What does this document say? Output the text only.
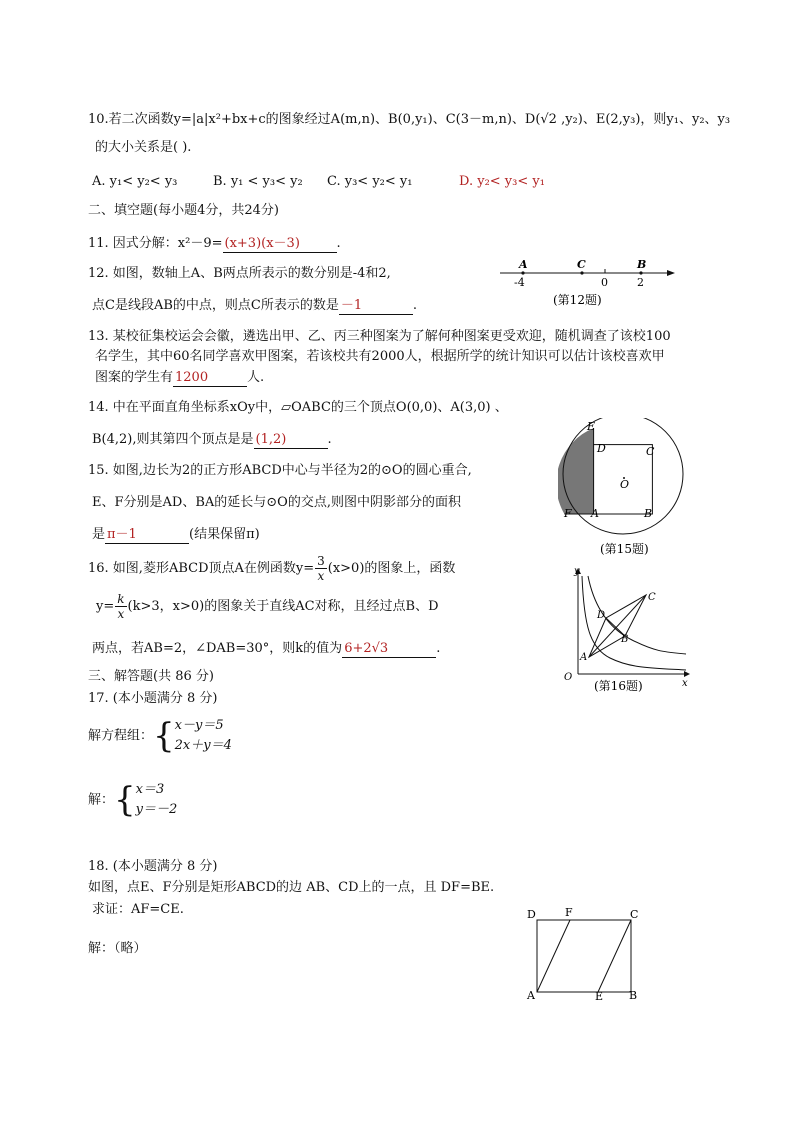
10.若二次函数y=|a|x²+bx+c的图象经过A(m,n)、B(0,y₁)、C(3－m,n)、D(√2 ,y₂)、E(2,y₃)，则y₁、y₂、y₃
的大小关系是( ).
A. y₁< y₂< y₃	B. y₁ < y₃< y₂ C. y₃< y₂< y₁	D. y₂< y₃< y₁
二、填空题(每小题4分，共24分)
11. 因式分解：x²－9= (x+3)(x－3)	.
12. 如图，数轴上A、B两点所表示的数分别是-4和2,
点C是线段AB的中点，则点C所表示的数是 －1	.
A	C	B
-4	0	2
(第12题)
13. 某校征集校运会会徽，遴选出甲、乙、丙三种图案为了解何种图案更受欢迎，随机调查了该校100
名学生，其中60名同学喜欢甲图案，若该校共有2000人，根据所学的统计知识可以估计该校喜欢甲
图案的学生有 1200	人.
14. 中在平面直角坐标系xOy中，▱OABC的三个顶点O(0,0)、A(3,0) 、
B(4,2),则其第四个顶点是是 (1,2)	.
15. 如图,边长为2的正方形ABCD中心与半径为2的⊙O的圆心重合,
E、F分别是AD、BA的延长与⊙O的交点,则图中阴影部分的面积
是 π－1	(结果保留π)
E
D	C
O
F A	B
(第15题)
16. 如图,菱形ABCD顶点A在例函数$y= \frac{3}{x} (x>0)$的图象上，函数
$y= \frac{k}{x} (k>3$，x>0)的图象关于直线AC对称，且经过点B、D
两点，若AB=2，∠DAB=30°，则k的值为 6+2√3	.
y
x
O
A
D
C
B
(第16题)
三、解答题(共 86 分)
17. (本小题满分 8 分)
解方程组：{ x－y＝5
2x＋y＝4
解：{ x＝3
y＝－2
18. (本小题满分 8 分)
如图，点E、F分别是矩形ABCD的边 AB、CD上的一点，且 DF=BE.
求证：AF=CE.
解：（略）
D	F	C
A	E B
